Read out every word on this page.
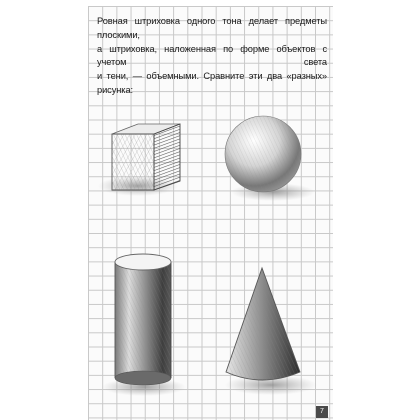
Ровная штриховка одного тона делает предметы плоскими,
а штриховка, наложенная по форме объектов с учетом света
и тени, — объемными. Сравните эти два «разных» рисунка:
7
